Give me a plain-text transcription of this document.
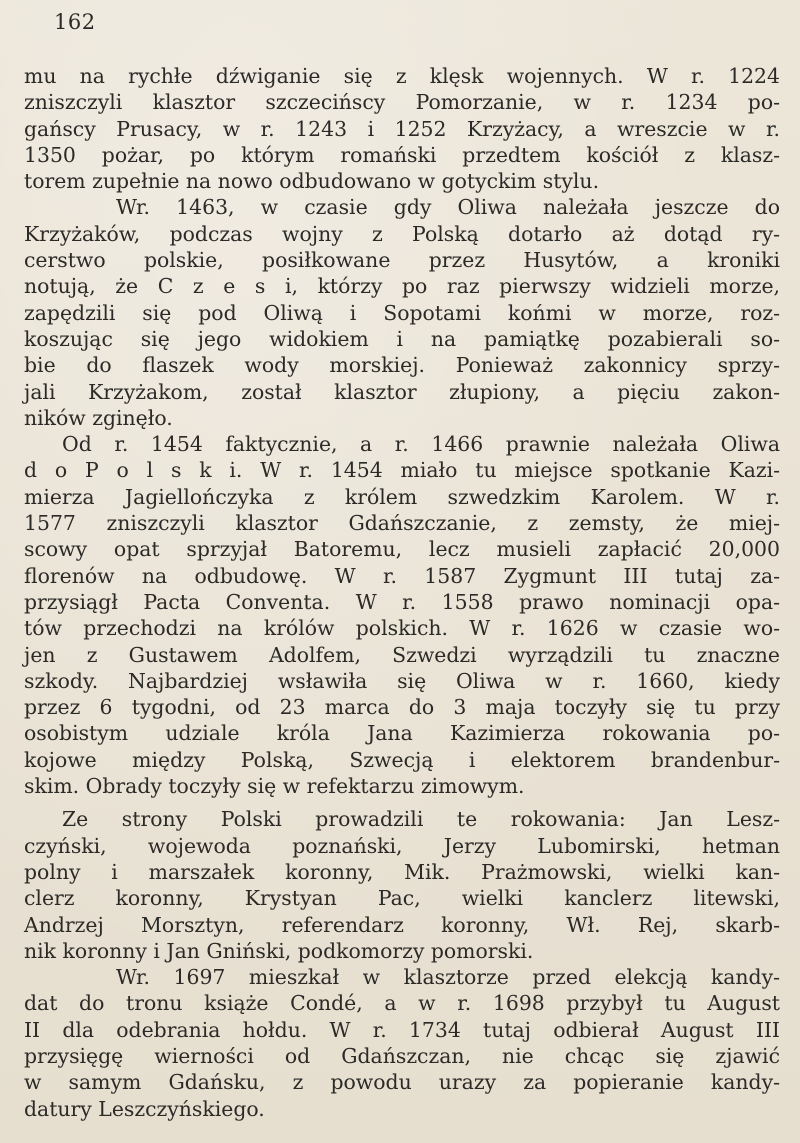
162
mu na rychłe dźwiganie się z klęsk wojennych. W r. 1224
zniszczyli klasztor szczecińscy Pomorzanie, w r. 1234 po-
gańscy Prusacy, w r. 1243 i 1252 Krzyżacy, a wreszcie w r.
1350 pożar, po którym romański przedtem kościół z klasz-
torem zupełnie na nowo odbudowano w gotyckim stylu.
Wr. 1463, w czasie gdy Oliwa należała jeszcze do
Krzyżaków, podczas wojny z Polską dotarło aż dotąd ry-
cerstwo polskie, posiłkowane przez Husytów, a kroniki
notują, że C z e s i, którzy po raz pierwszy widzieli morze,
zapędzili się pod Oliwą i Sopotami końmi w morze, roz-
koszując się jego widokiem i na pamiątkę pozabierali so-
bie do flaszek wody morskiej. Ponieważ zakonnicy sprzy-
jali Krzyżakom, został klasztor złupiony, a pięciu zakon-
ników zginęło.
Od r. 1454 faktycznie, a r. 1466 prawnie należała Oliwa
d o P o l s k i. W r. 1454 miało tu miejsce spotkanie Kazi-
mierza Jagiellończyka z królem szwedzkim Karolem. W r.
1577 zniszczyli klasztor Gdańszczanie, z zemsty, że miej-
scowy opat sprzyjał Batoremu, lecz musieli zapłacić 20,000
florenów na odbudowę. W r. 1587 Zygmunt III tutaj za-
przysiągł Pacta Conventa. W r. 1558 prawo nominacji opa-
tów przechodzi na królów polskich. W r. 1626 w czasie wo-
jen z Gustawem Adolfem, Szwedzi wyrządzili tu znaczne
szkody. Najbardziej wsławiła się Oliwa w r. 1660, kiedy
przez 6 tygodni, od 23 marca do 3 maja toczyły się tu przy
osobistym udziale króla Jana Kazimierza rokowania po-
kojowe między Polską, Szwecją i elektorem brandenbur-
skim. Obrady toczyły się w refektarzu zimowym.
Ze strony Polski prowadzili te rokowania: Jan Lesz-
czyński, wojewoda poznański, Jerzy Lubomirski, hetman
polny i marszałek koronny, Mik. Prażmowski, wielki kan-
clerz koronny, Krystyan Pac, wielki kanclerz litewski,
Andrzej Morsztyn, referendarz koronny, Wł. Rej, skarb-
nik koronny i Jan Gniński, podkomorzy pomorski.
Wr. 1697 mieszkał w klasztorze przed elekcją kandy-
dat do tronu książe Condé, a w r. 1698 przybył tu August
II dla odebrania hołdu. W r. 1734 tutaj odbierał August III
przysięgę wierności od Gdańszczan, nie chcąc się zjawić
w samym Gdańsku, z powodu urazy za popieranie kandy-
datury Leszczyńskiego.
